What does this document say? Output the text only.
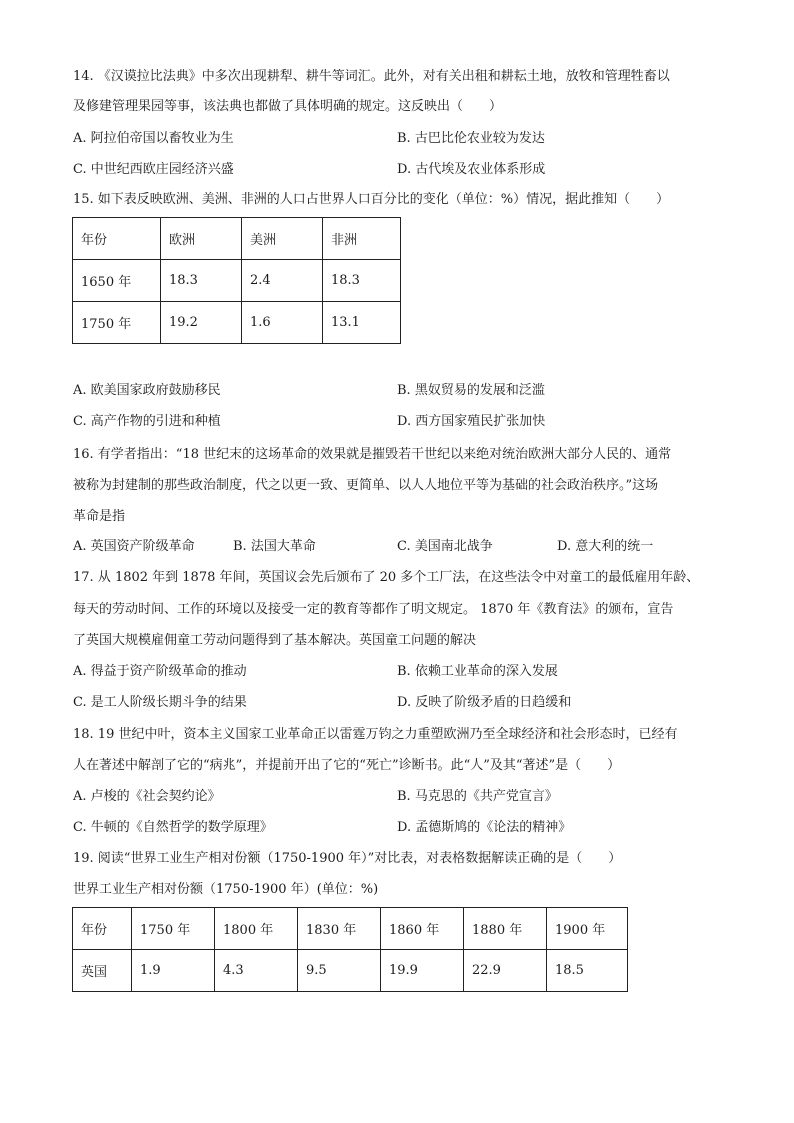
14. 《汉谟拉比法典》中多次出现耕犁、耕牛等词汇。此外，对有关出租和耕耘土地，放牧和管理牲畜以
及修建管理果园等事，该法典也都做了具体明确的规定。这反映出（　　）
A. 阿拉伯帝国以畜牧业为生	B. 古巴比伦农业较为发达
C. 中世纪西欧庄园经济兴盛	D. 古代埃及农业体系形成
15. 如下表反映欧洲、美洲、非洲的人口占世界人口百分比的变化（单位：%）情况，据此推知（　　）
年份	欧洲	美洲	非洲
1650 年	18.3	2.4	18.3
1750 年	19.2	1.6	13.1
A. 欧美国家政府鼓励移民	B. 黑奴贸易的发展和泛滥
C. 高产作物的引进和种植	D. 西方国家殖民扩张加快
16. 有学者指出：“18 世纪末的这场革命的效果就是摧毁若干世纪以来绝对统治欧洲大部分人民的、通常
被称为封建制的那些政治制度，代之以更一致、更简单、以人人地位平等为基础的社会政治秩序。”这场
革命是指
A. 英国资产阶级革命	B. 法国大革命	C. 美国南北战争	D. 意大利的统一
17. 从 1802 年到 1878 年间，英国议会先后颁布了 20 多个工厂法，在这些法令中对童工的最低雇用年龄、
每天的劳动时间、工作的环境以及接受一定的教育等都作了明文规定。 1870 年《教育法》的颁布，宣告
了英国大规模雇佣童工劳动问题得到了基本解决。英国童工问题的解决
A. 得益于资产阶级革命的推动	B. 依赖工业革命的深入发展
C. 是工人阶级长期斗争的结果	D. 反映了阶级矛盾的日趋缓和
18. 19 世纪中叶，资本主义国家工业革命正以雷霆万钧之力重塑欧洲乃至全球经济和社会形态时，已经有
人在著述中解剖了它的“病兆”，并提前开出了它的“死亡”诊断书。此“人”及其“著述”是（　　）
A. 卢梭的《社会契约论》	B. 马克思的《共产党宣言》
C. 牛顿的《自然哲学的数学原理》	D. 孟德斯鸠的《论法的精神》
19. 阅读“世界工业生产相对份额（1750-1900 年）”对比表，对表格数据解读正确的是（　　）
世界工业生产相对份额（1750-1900 年）(单位：%)
年份	1750 年	1800 年	1830 年	1860 年	1880 年	1900 年
英国	1.9	4.3	9.5	19.9	22.9	18.5
